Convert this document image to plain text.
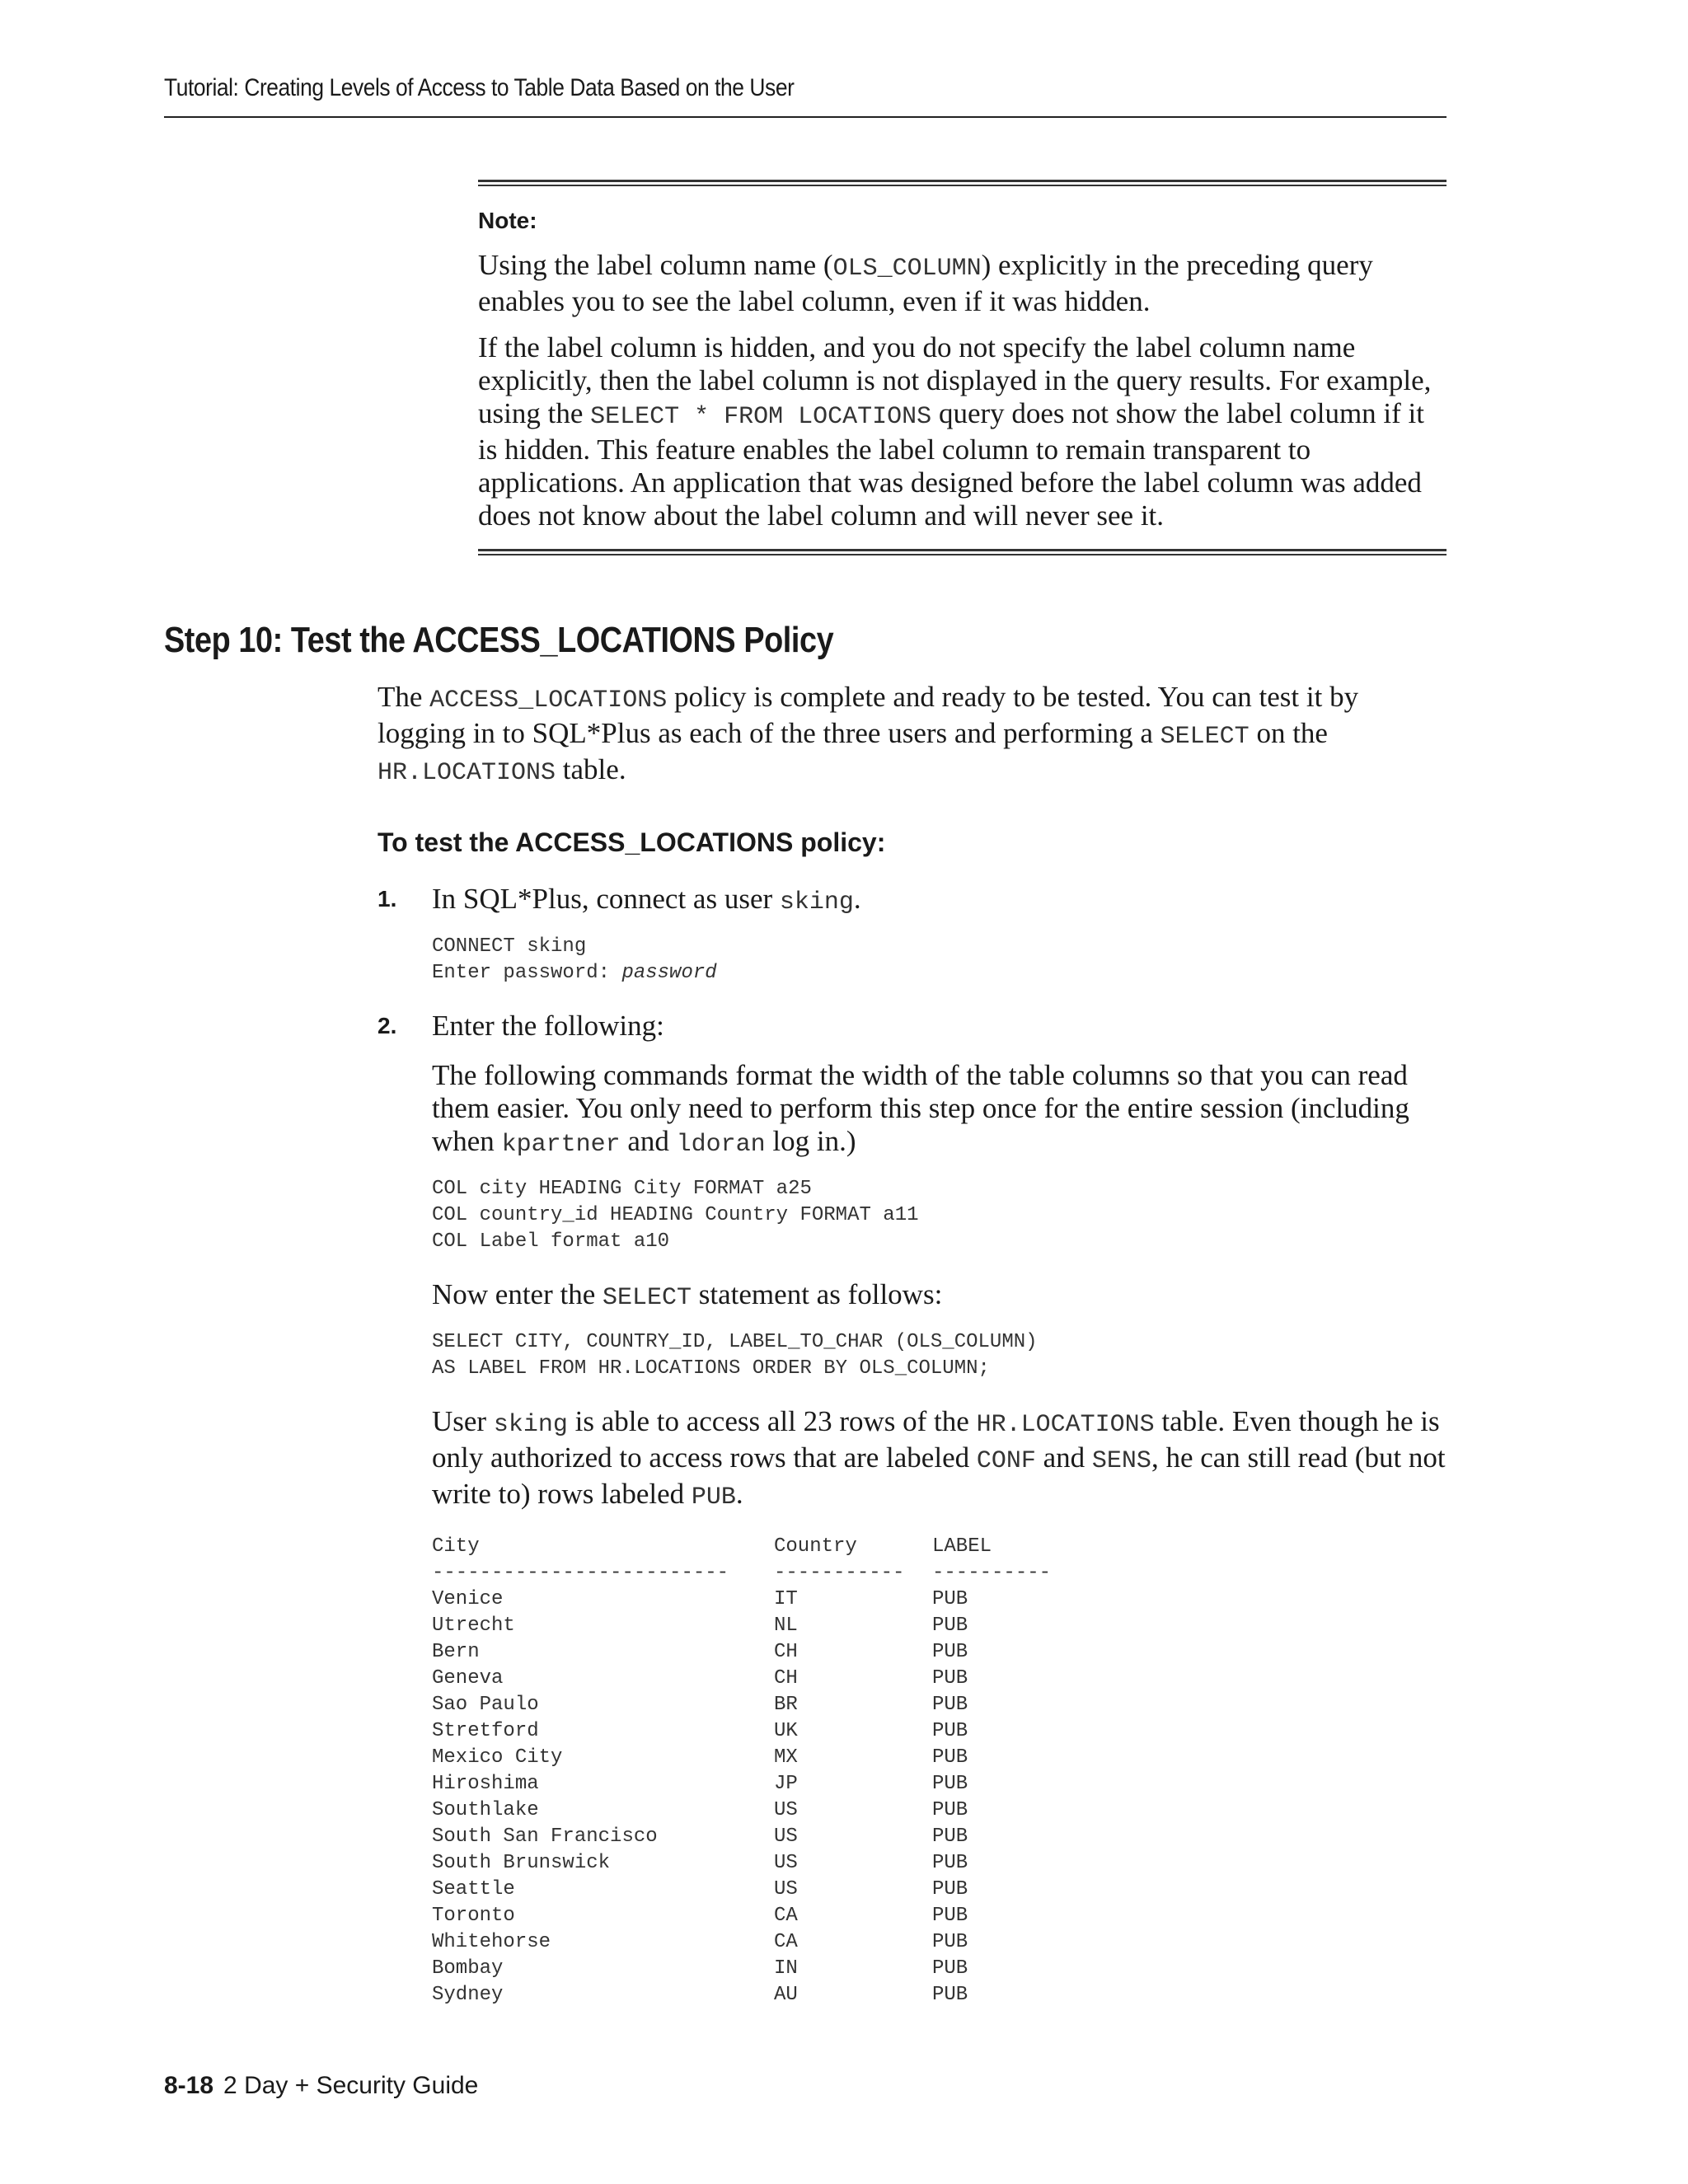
Tutorial: Creating Levels of Access to Table Data Based on the User
Note:

Using the label column name (OLS_COLUMN) explicitly in the preceding query enables you to see the label column, even if it was hidden.

If the label column is hidden, and you do not specify the label column name explicitly, then the label column is not displayed in the query results. For example, using the SELECT * FROM LOCATIONS query does not show the label column if it is hidden. This feature enables the label column to remain transparent to applications. An application that was designed before the label column was added does not know about the label column and will never see it.

Step 10: Test the ACCESS_LOCATIONS Policy

The ACCESS_LOCATIONS policy is complete and ready to be tested. You can test it by logging in to SQL*Plus as each of the three users and performing a SELECT on the HR.LOCATIONS table.

To test the ACCESS_LOCATIONS policy:
1. In SQL*Plus, connect as user sking.

CONNECT sking
Enter password: password
2. Enter the following:

The following commands format the width of the table columns so that you can read them easier. You only need to perform this step once for the entire session (including when kpartner and ldoran log in.)

COL city HEADING City FORMAT a25
COL country_id HEADING Country FORMAT a11
COL Label format a10

Now enter the SELECT statement as follows:

SELECT CITY, COUNTRY_ID, LABEL_TO_CHAR (OLS_COLUMN)
AS LABEL FROM HR.LOCATIONS ORDER BY OLS_COLUMN;

User sking is able to access all 23 rows of the HR.LOCATIONS table. Even though he is only authorized to access rows that are labeled CONF and SENS, he can still read (but not write to) rows labeled PUB.

City	Country	LABEL
-------------------------	-----------	----------
Venice	IT	PUB
Utrecht	NL	PUB
Bern	CH	PUB
Geneva	CH	PUB
Sao Paulo	BR	PUB
Stretford	UK	PUB
Mexico City	MX	PUB
Hiroshima	JP	PUB
Southlake	US	PUB
South San Francisco	US	PUB
South Brunswick	US	PUB
Seattle	US	PUB
Toronto	CA	PUB
Whitehorse	CA	PUB
Bombay	IN	PUB
Sydney	AU	PUB
8-18 2 Day + Security Guide
